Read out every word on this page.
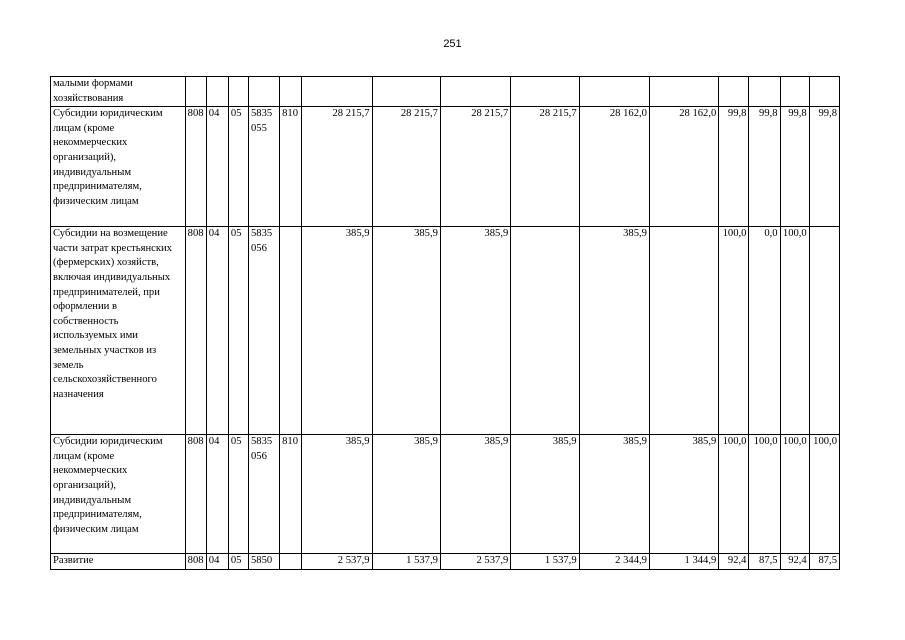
251
малыми формами хозяйствования															
Субсидии юридическим лицам (кроме некоммерческих организаций), индивидуальным предпринимателям, физическим лицам	808	04	05	5835 055	810	28 215,7	28 215,7	28 215,7	28 215,7	28 162,0	28 162,0	99,8	99,8	99,8	99,8
Субсидии на возмещение части затрат крестьянских (фермерских) хозяйств, включая индивидуальных предпринимателей, при оформлении в собственность используемых ими земельных участков из земель сельскохозяйственного назначения	808	04	05	5835 056		385,9	385,9	385,9		385,9		100,0	0,0	100,0	
Субсидии юридическим лицам (кроме некоммерческих организаций), индивидуальным предпринимателям, физическим лицам	808	04	05	5835 056	810	385,9	385,9	385,9	385,9	385,9	385,9	100,0	100,0	100,0	100,0
Развитие	808	04	05	5850		2 537,9	1 537,9	2 537,9	1 537,9	2 344,9	1 344,9	92,4	87,5	92,4	87,5
